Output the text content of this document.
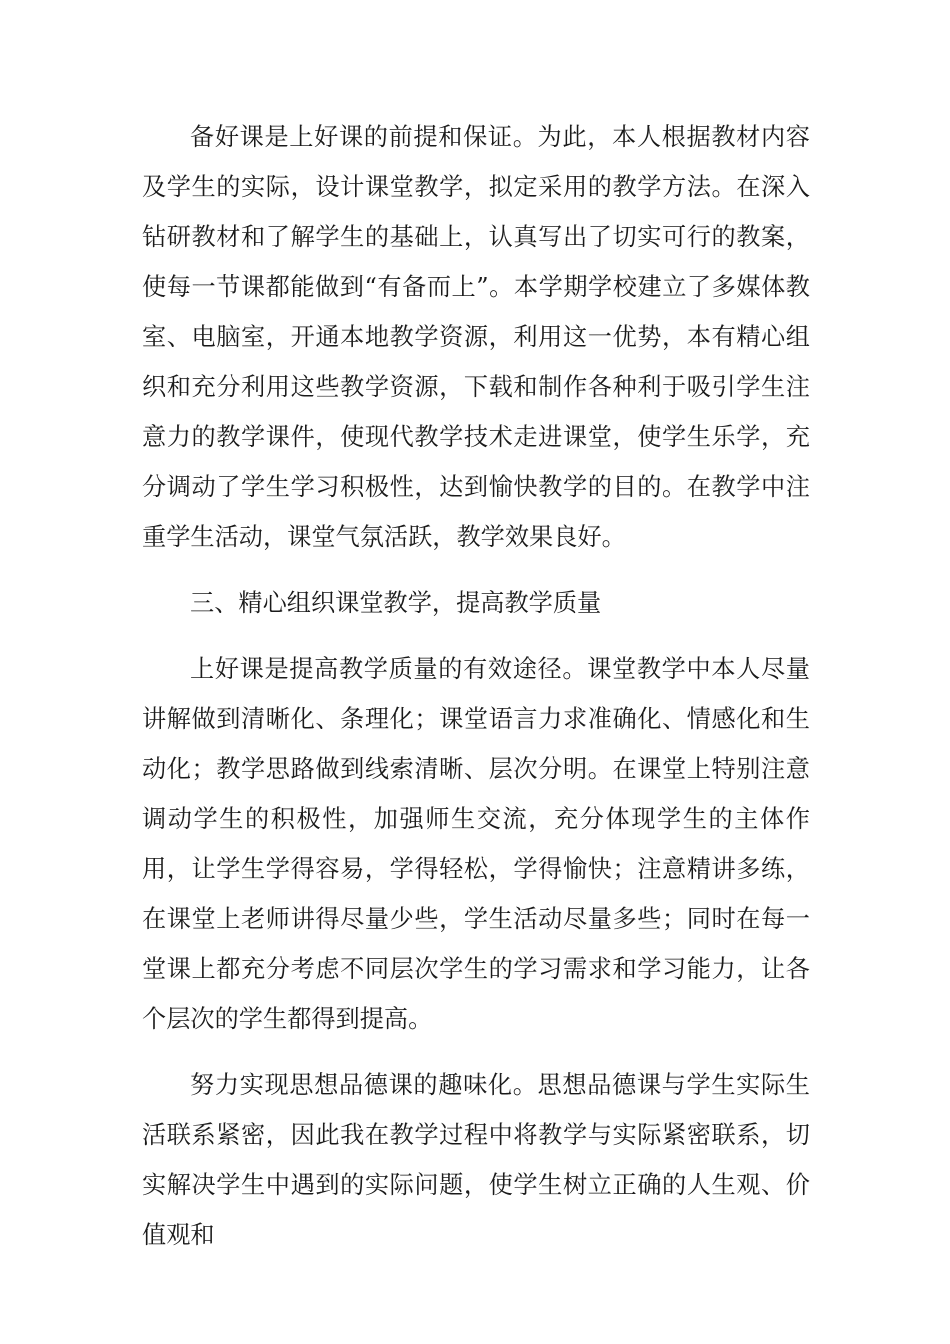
备好课是上好课的前提和保证。为此，本人根据教材内容及学生的实际，设计课堂教学，拟定采用的教学方法。在深入钻研教材和了解学生的基础上，认真写出了切实可行的教案，使每一节课都能做到“有备而上”。本学期学校建立了多媒体教室、电脑室，开通本地教学资源，利用这一优势，本有精心组织和充分利用这些教学资源，下载和制作各种利于吸引学生注意力的教学课件，使现代教学技术走进课堂，使学生乐学，充分调动了学生学习积极性，达到愉快教学的目的。在教学中注重学生活动，课堂气氛活跃，教学效果良好。

三、精心组织课堂教学，提高教学质量

上好课是提高教学质量的有效途径。课堂教学中本人尽量讲解做到清晰化、条理化；课堂语言力求准确化、情感化和生动化；教学思路做到线索清晰、层次分明。在课堂上特别注意调动学生的积极性，加强师生交流，充分体现学生的主体作用，让学生学得容易，学得轻松，学得愉快；注意精讲多练，在课堂上老师讲得尽量少些，学生活动尽量多些；同时在每一堂课上都充分考虑不同层次学生的学习需求和学习能力，让各个层次的学生都得到提高。

努力实现思想品德课的趣味化。思想品德课与学生实际生活联系紧密，因此我在教学过程中将教学与实际紧密联系，切实解决学生中遇到的实际问题，使学生树立正确的人生观、价值观和
